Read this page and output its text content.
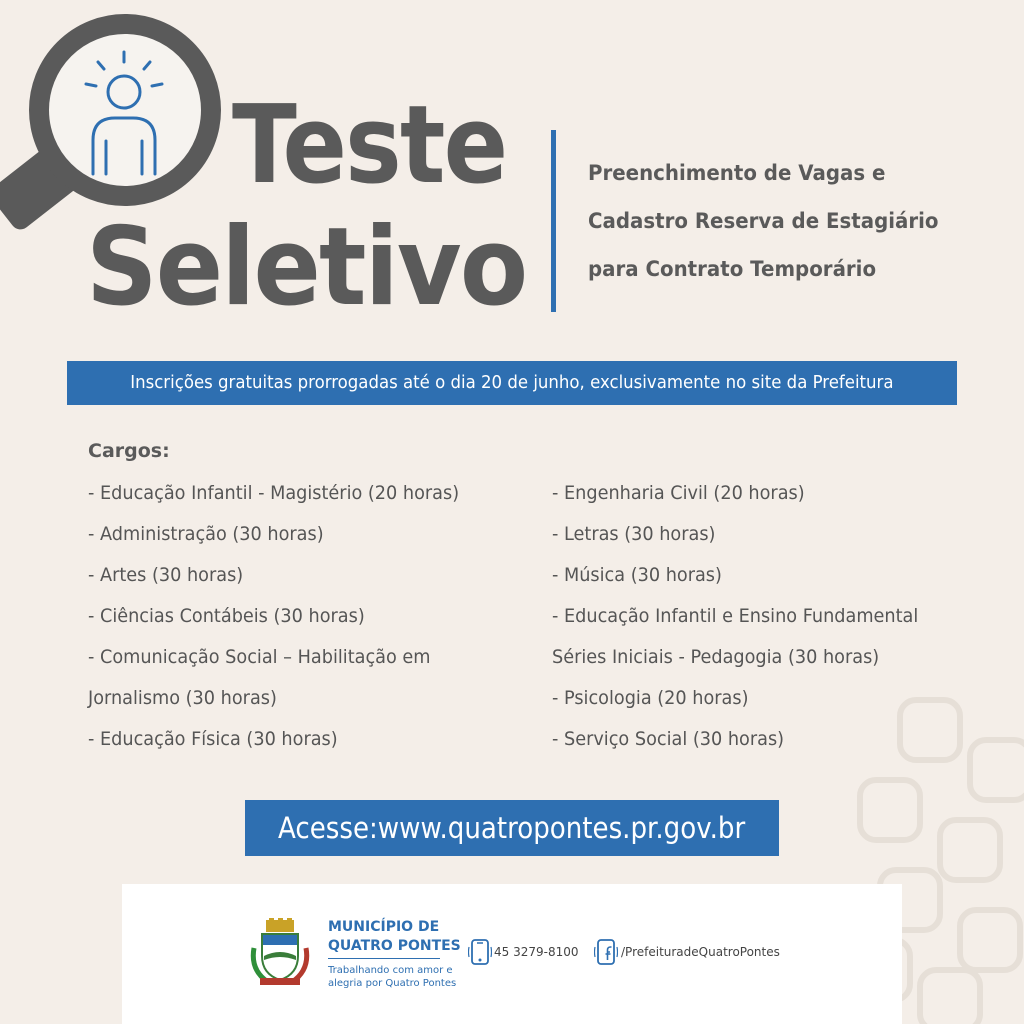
Teste
Seletivo
Preenchimento de Vagas e
Cadastro Reserva de Estagiário
para Contrato Temporário
Inscrições gratuitas prorrogadas até o dia 20 de junho, exclusivamente no site da Prefeitura
Cargos:
- Educação Infantil - Magistério (20 horas)
- Administração (30 horas)
- Artes (30 horas)
- Ciências Contábeis (30 horas)
- Comunicação Social – Habilitação em
Jornalismo (30 horas)
- Educação Física (30 horas)
- Engenharia Civil (20 horas)
- Letras (30 horas)
- Música (30 horas)
- Educação Infantil e Ensino Fundamental
Séries Iniciais - Pedagogia (30 horas)
- Psicologia (20 horas)
- Serviço Social (30 horas)
Acesse:www.quatropontes.pr.gov.br
MUNICÍPIO DE
QUATRO PONTES
Trabalhando com amor e
alegria por Quatro Pontes
45 3279-8100	/PrefeituradeQuatroPontes
